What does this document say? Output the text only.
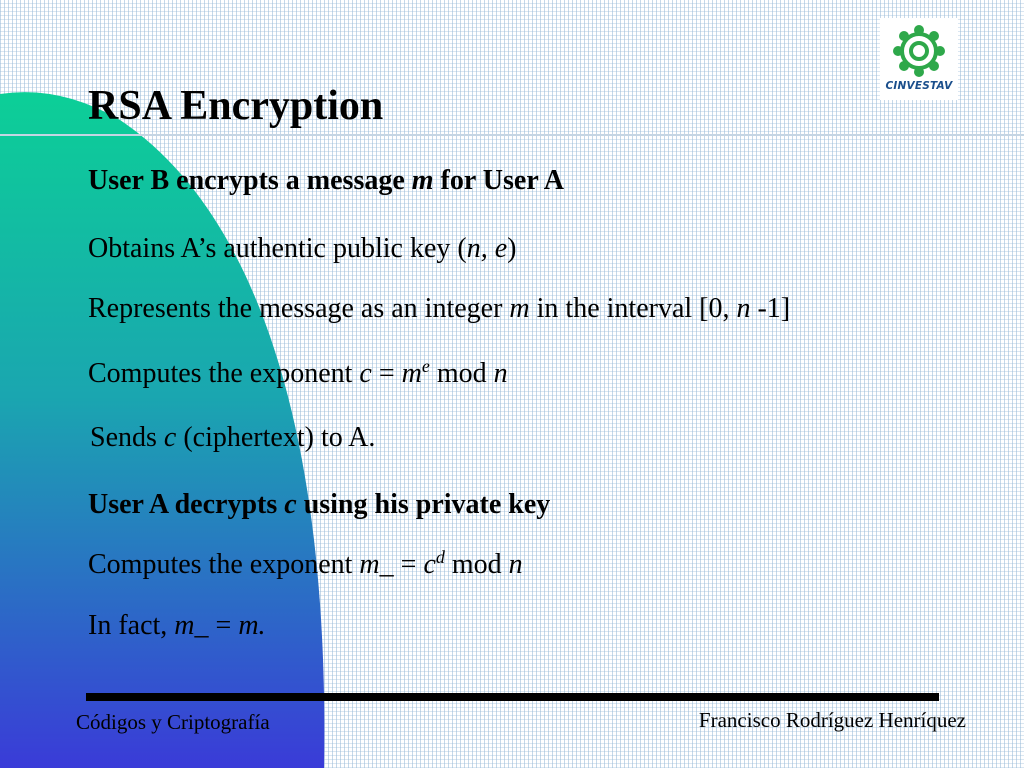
CINVESTAV
RSA Encryption
User B encrypts a message m for User A
Obtains A’s authentic public key (n, e)
Represents the message as an integer m in the interval [0, n -1]
Computes the exponent $c = m^e$ mod n
Sends c (ciphertext) to A.
User A decrypts c using his private key
Computes the exponent m_ = $c^d$ mod n
In fact, m_ = m.
Códigos y Criptografía	Francisco Rodríguez Henríquez
